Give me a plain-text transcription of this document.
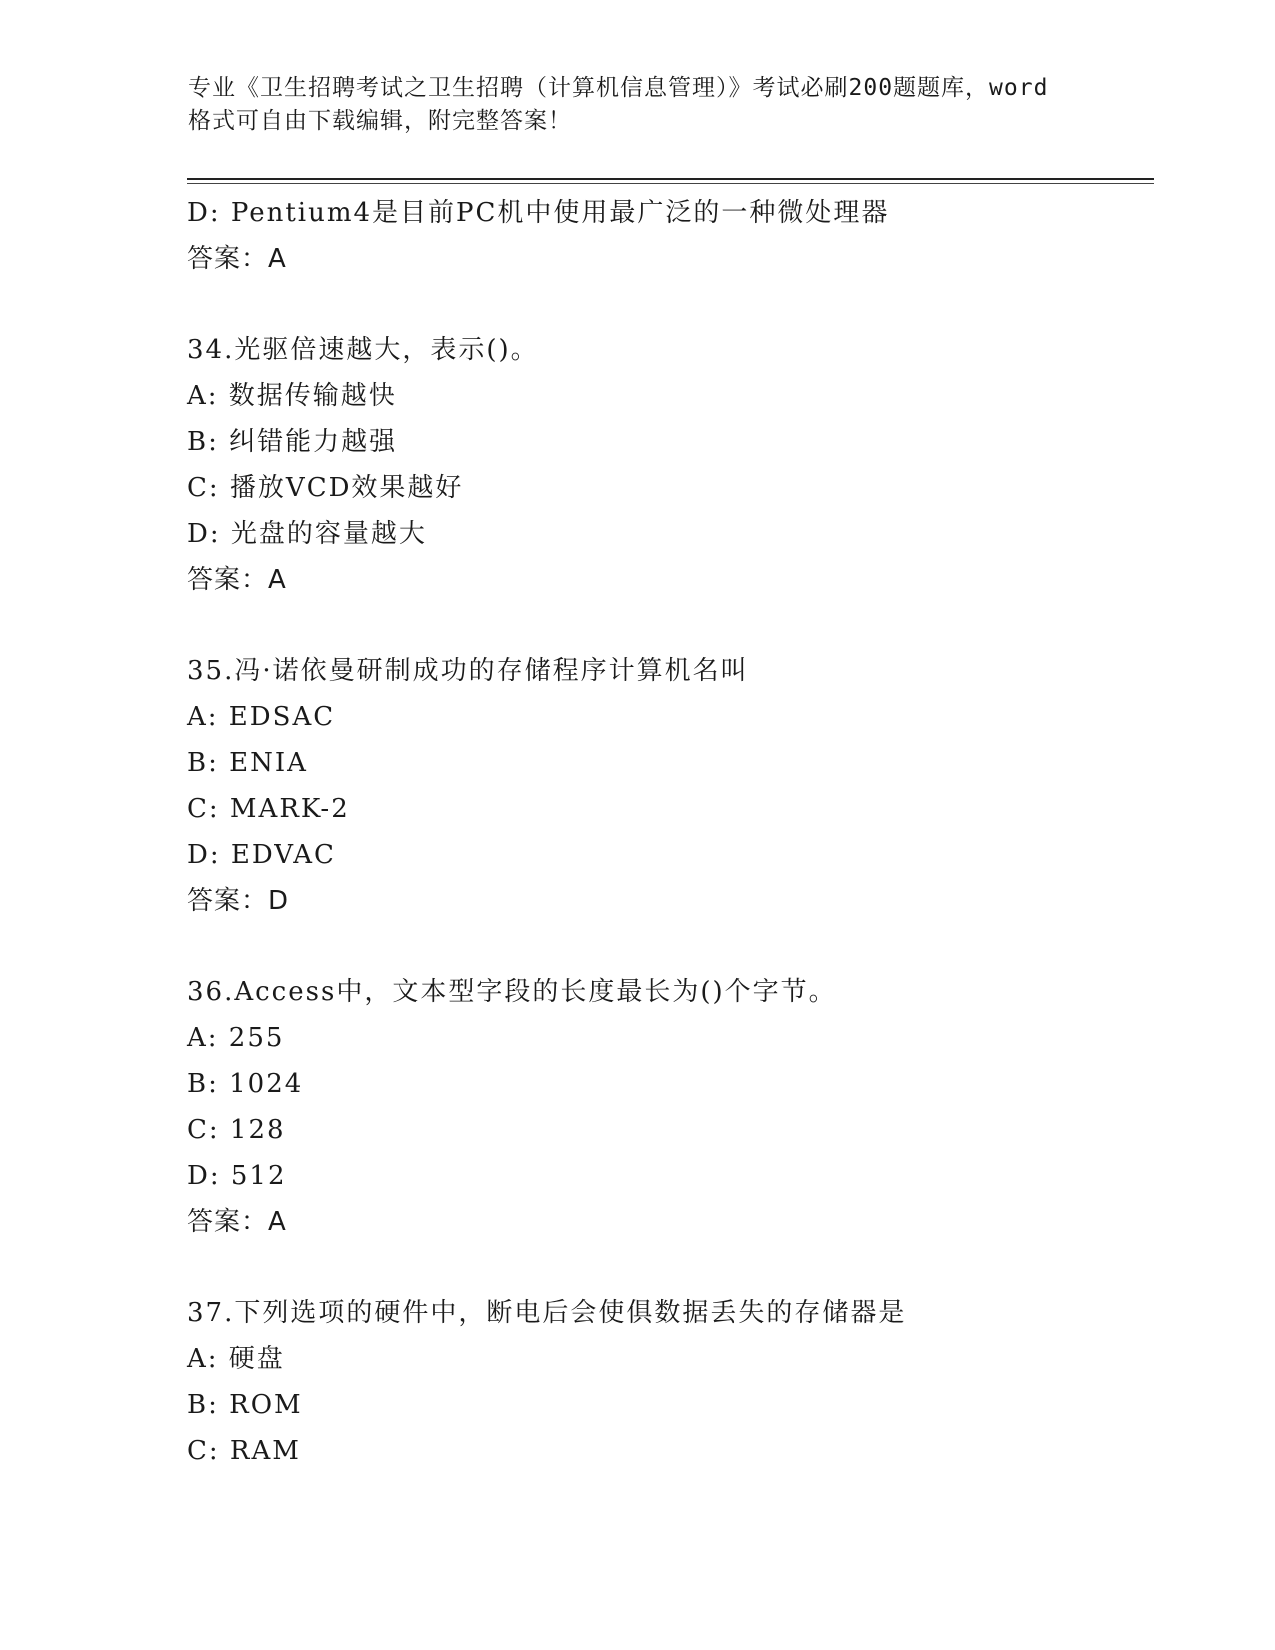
专业《卫生招聘考试之卫生招聘（计算机信息管理）》考试必刷200题题库，word
格式可自由下载编辑，附完整答案！
D: Pentium4是目前PC机中使用最广泛的一种微处理器
答案：A
34.光驱倍速越大，表示()。
A: 数据传输越快
B: 纠错能力越强
C: 播放VCD效果越好
D: 光盘的容量越大
答案：A
35.冯·诺依曼研制成功的存储程序计算机名叫
A: EDSAC
B: ENIA
C: MARK-2
D: EDVAC
答案：D
36.Access中，文本型字段的长度最长为()个字节。
A: 255
B: 1024
C: 128
D: 512
答案：A
37.下列选项的硬件中，断电后会使俱数据丢失的存储器是
A: 硬盘
B: ROM
C: RAM
